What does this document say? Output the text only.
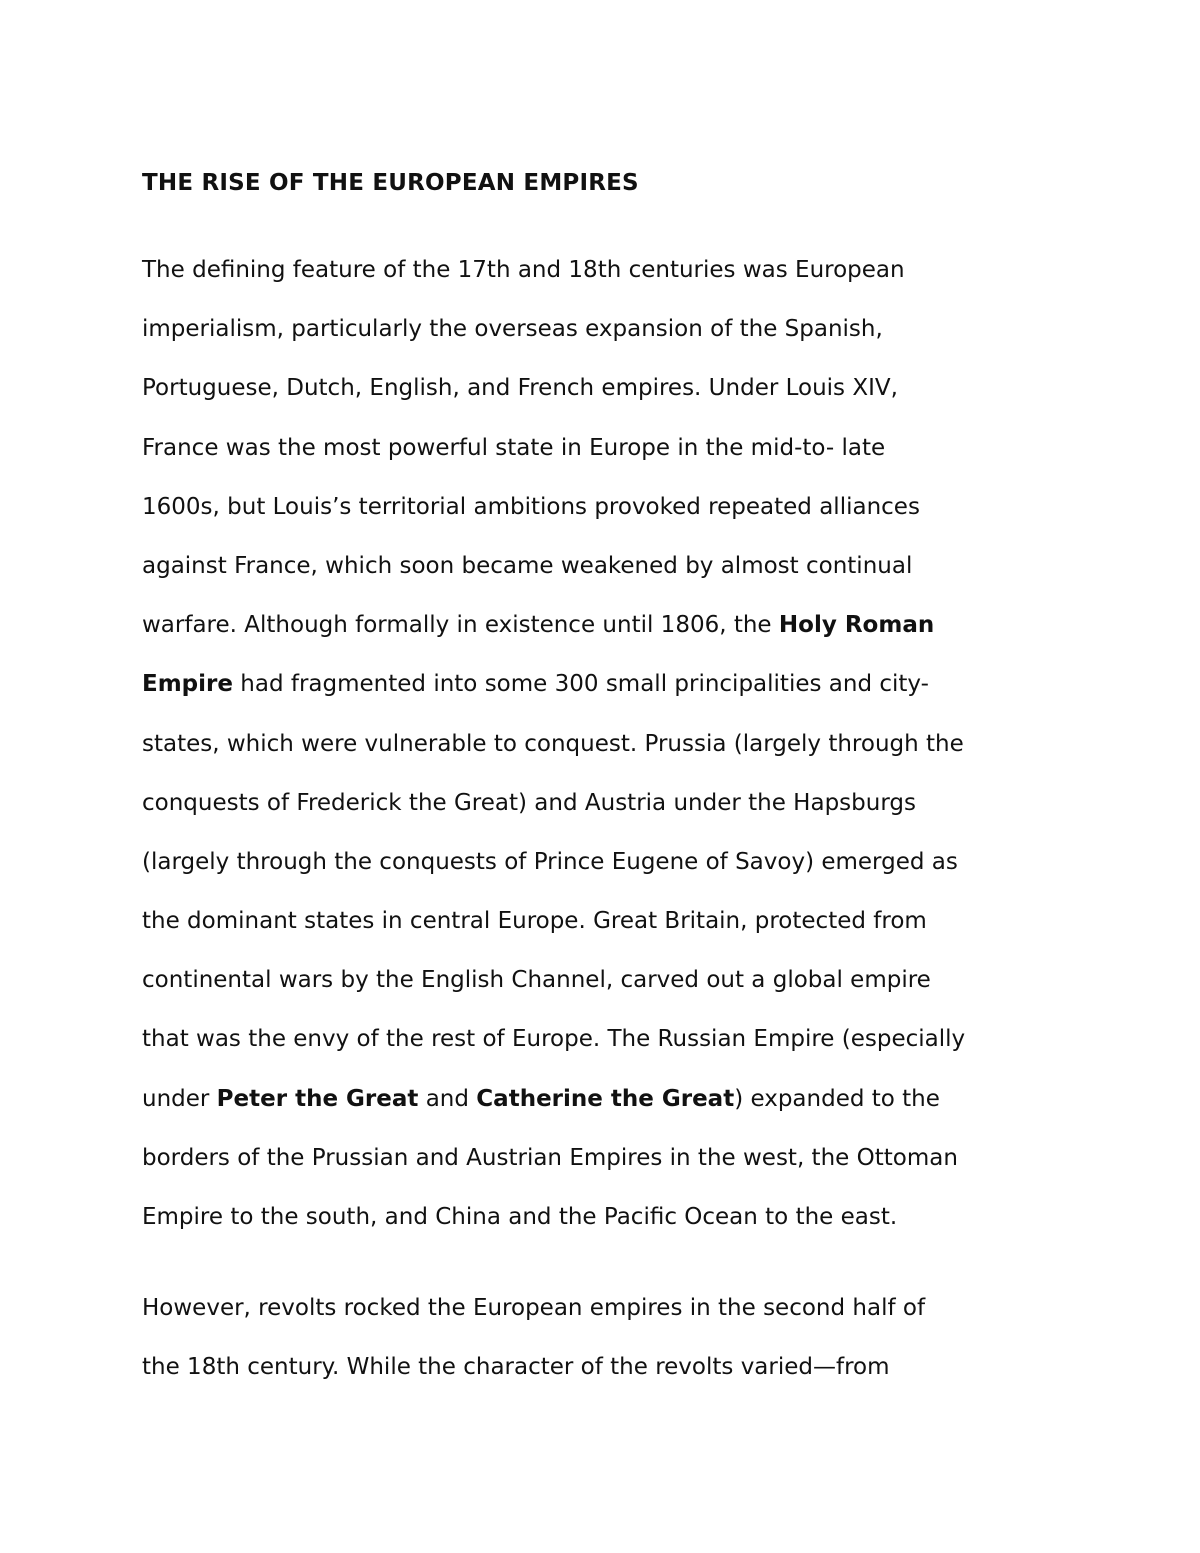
THE RISE OF THE EUROPEAN EMPIRES

The defining feature of the 17th and 18th centuries was European
imperialism, particularly the overseas expansion of the Spanish,
Portuguese, Dutch, English, and French empires. Under Louis XIV,
France was the most powerful state in Europe in the mid-to- late
1600s, but Louis’s territorial ambitions provoked repeated alliances
against France, which soon became weakened by almost continual
warfare. Although formally in existence until 1806, the Holy Roman
Empire had fragmented into some 300 small principalities and city-
states, which were vulnerable to conquest. Prussia (largely through the
conquests of Frederick the Great) and Austria under the Hapsburgs
(largely through the conquests of Prince Eugene of Savoy) emerged as
the dominant states in central Europe. Great Britain, protected from
continental wars by the English Channel, carved out a global empire
that was the envy of the rest of Europe. The Russian Empire (especially
under Peter the Great and Catherine the Great) expanded to the
borders of the Prussian and Austrian Empires in the west, the Ottoman
Empire to the south, and China and the Pacific Ocean to the east.

However, revolts rocked the European empires in the second half of
the 18th century. While the character of the revolts varied—from
